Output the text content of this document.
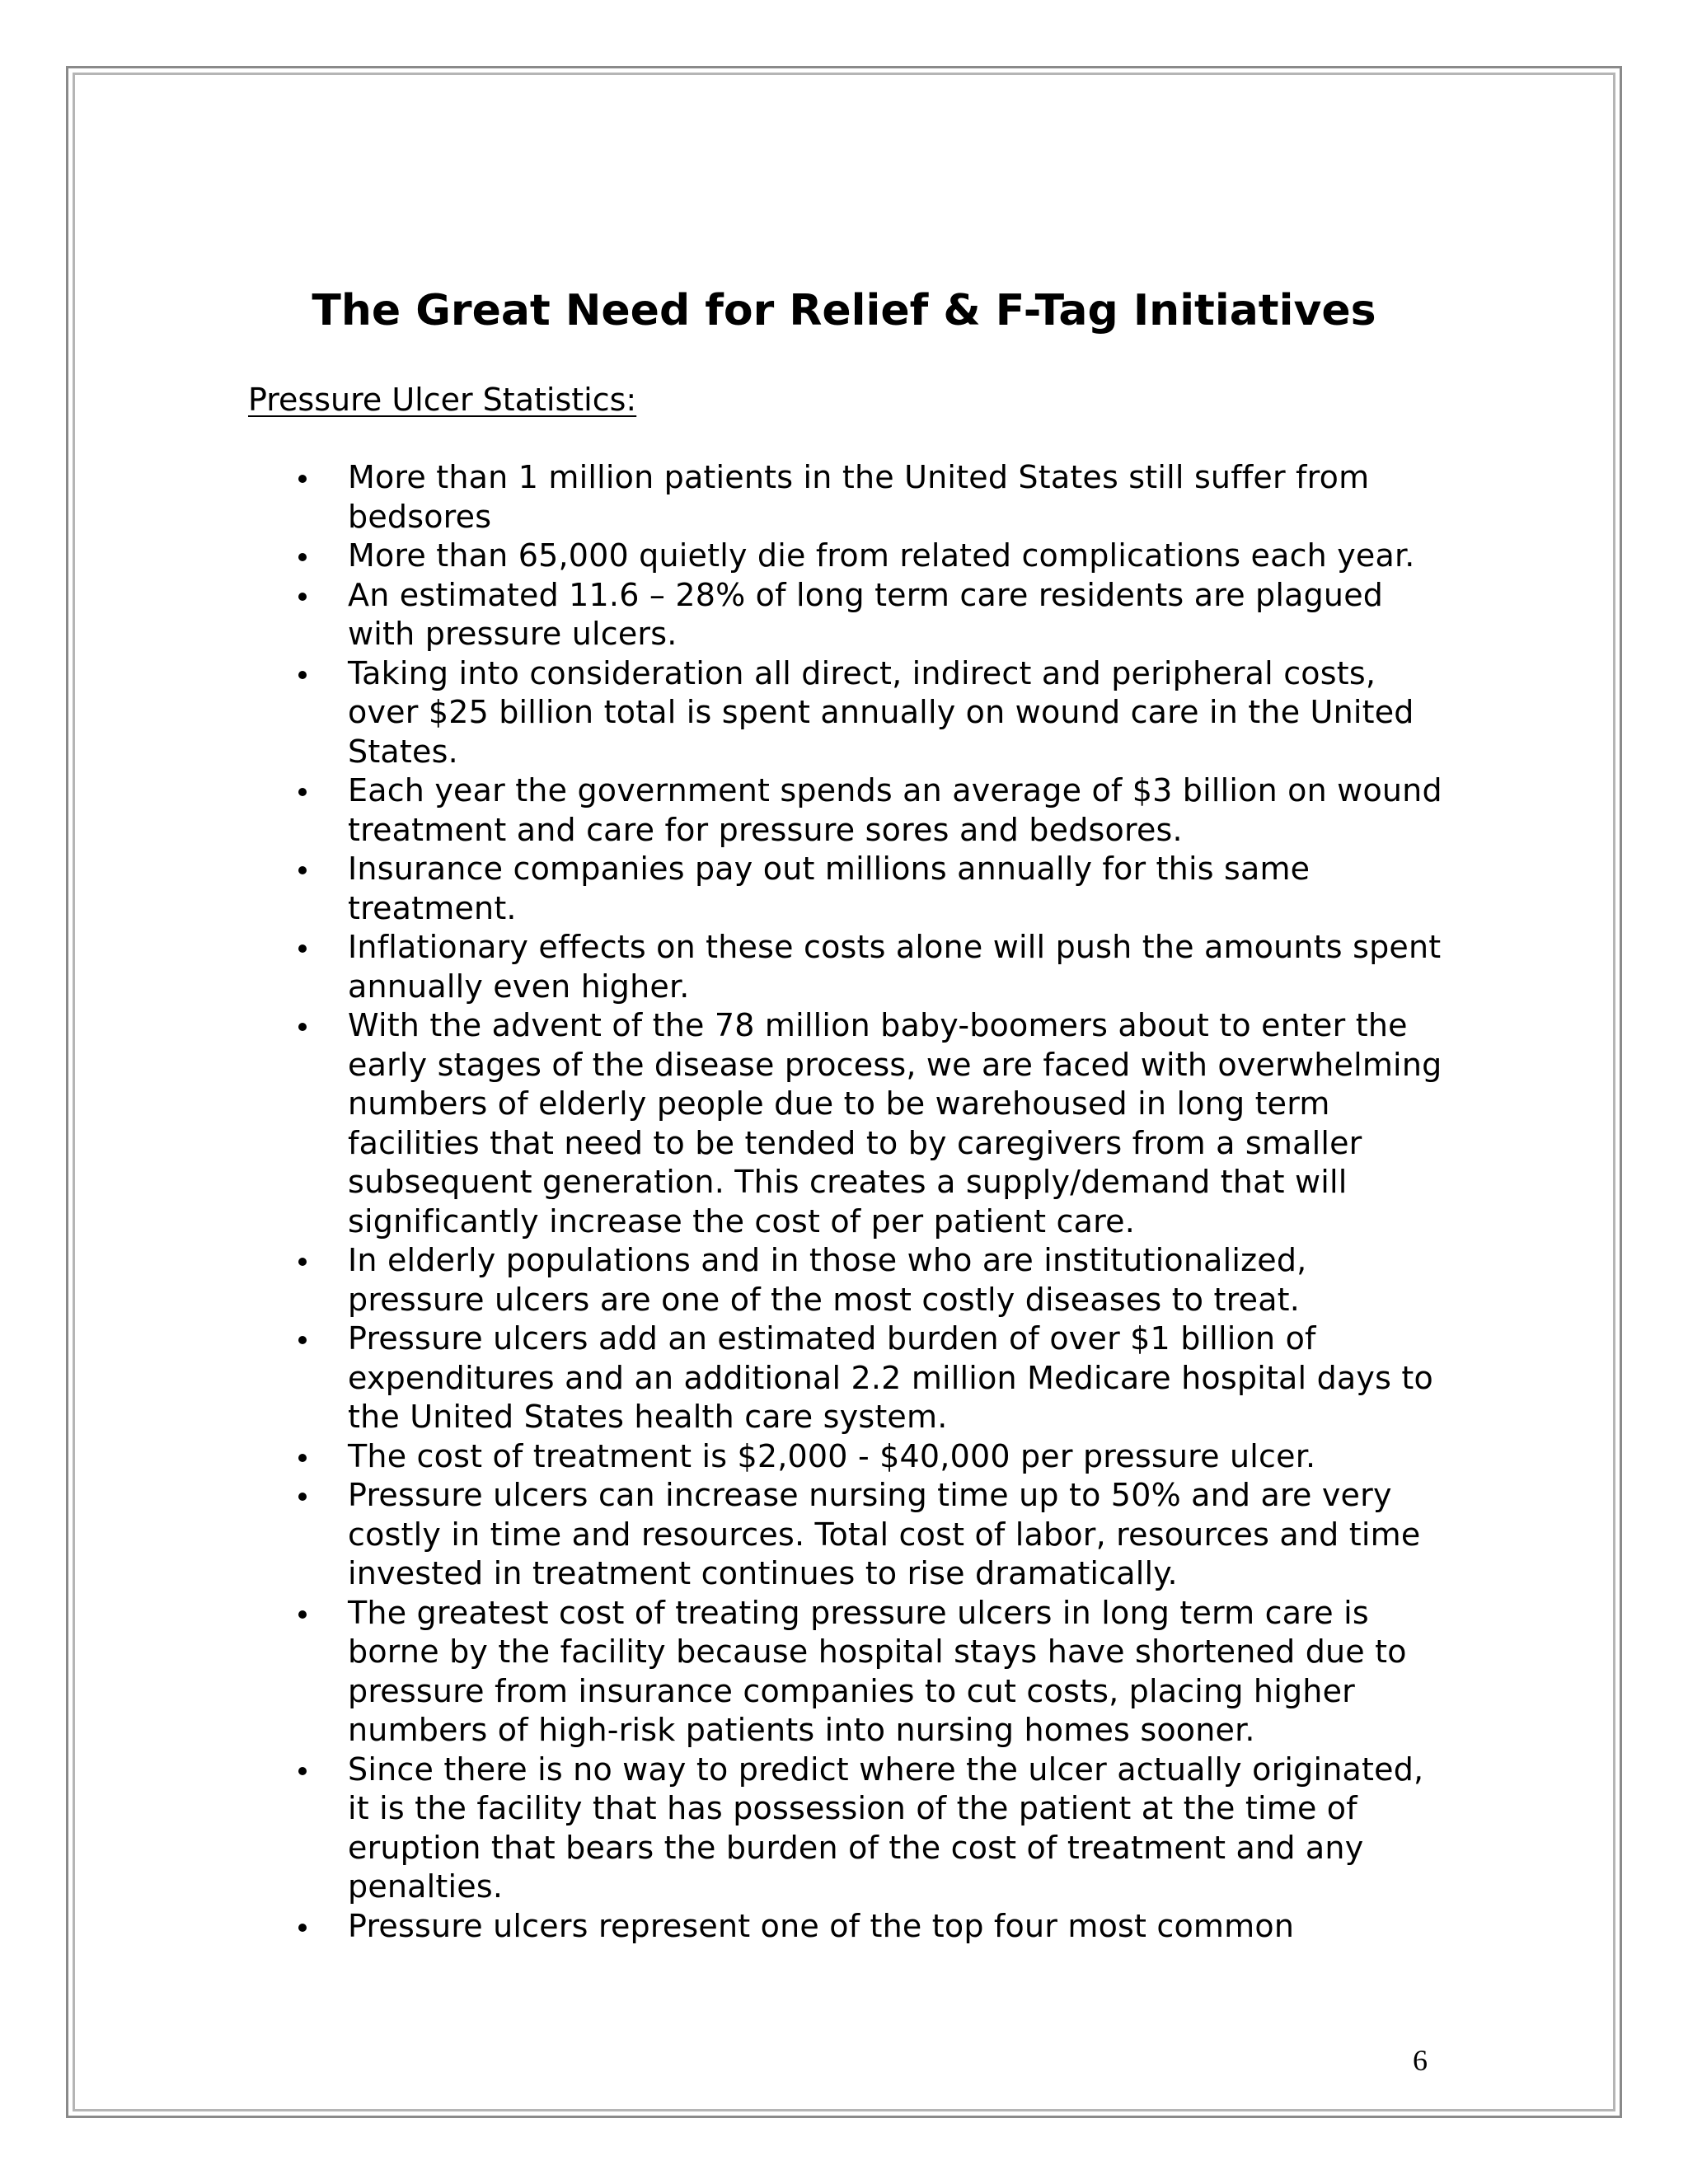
The Great Need for Relief & F-Tag Initiatives

Pressure Ulcer Statistics:

More than 1 million patients in the United States still suffer from bedsores
More than 65,000 quietly die from related complications each year.
An estimated 11.6 – 28% of long term care residents are plagued with pressure ulcers.
Taking into consideration all direct, indirect and peripheral costs, over $25 billion total is spent annually on wound care in the United States.
Each year the government spends an average of $3 billion on wound treatment and care for pressure sores and bedsores.
Insurance companies pay out millions annually for this same treatment.
Inflationary effects on these costs alone will push the amounts spent annually even higher.
With the advent of the 78 million baby-boomers about to enter the early stages of the disease process, we are faced with overwhelming numbers of elderly people due to be warehoused in long term facilities that need to be tended to by caregivers from a smaller subsequent generation. This creates a supply/demand that will significantly increase the cost of per patient care.
In elderly populations and in those who are institutionalized, pressure ulcers are one of the most costly diseases to treat.
Pressure ulcers add an estimated burden of over $1 billion of expenditures and an additional 2.2 million Medicare hospital days to the United States health care system.
The cost of treatment is $2,000 - $40,000 per pressure ulcer.
Pressure ulcers can increase nursing time up to 50% and are very costly in time and resources. Total cost of labor, resources and time invested in treatment continues to rise dramatically.
The greatest cost of treating pressure ulcers in long term care is borne by the facility because hospital stays have shortened due to pressure from insurance companies to cut costs, placing higher numbers of high-risk patients into nursing homes sooner.
Since there is no way to predict where the ulcer actually originated, it is the facility that has possession of the patient at the time of eruption that bears the burden of the cost of treatment and any penalties.
Pressure ulcers represent one of the top four most common
6
